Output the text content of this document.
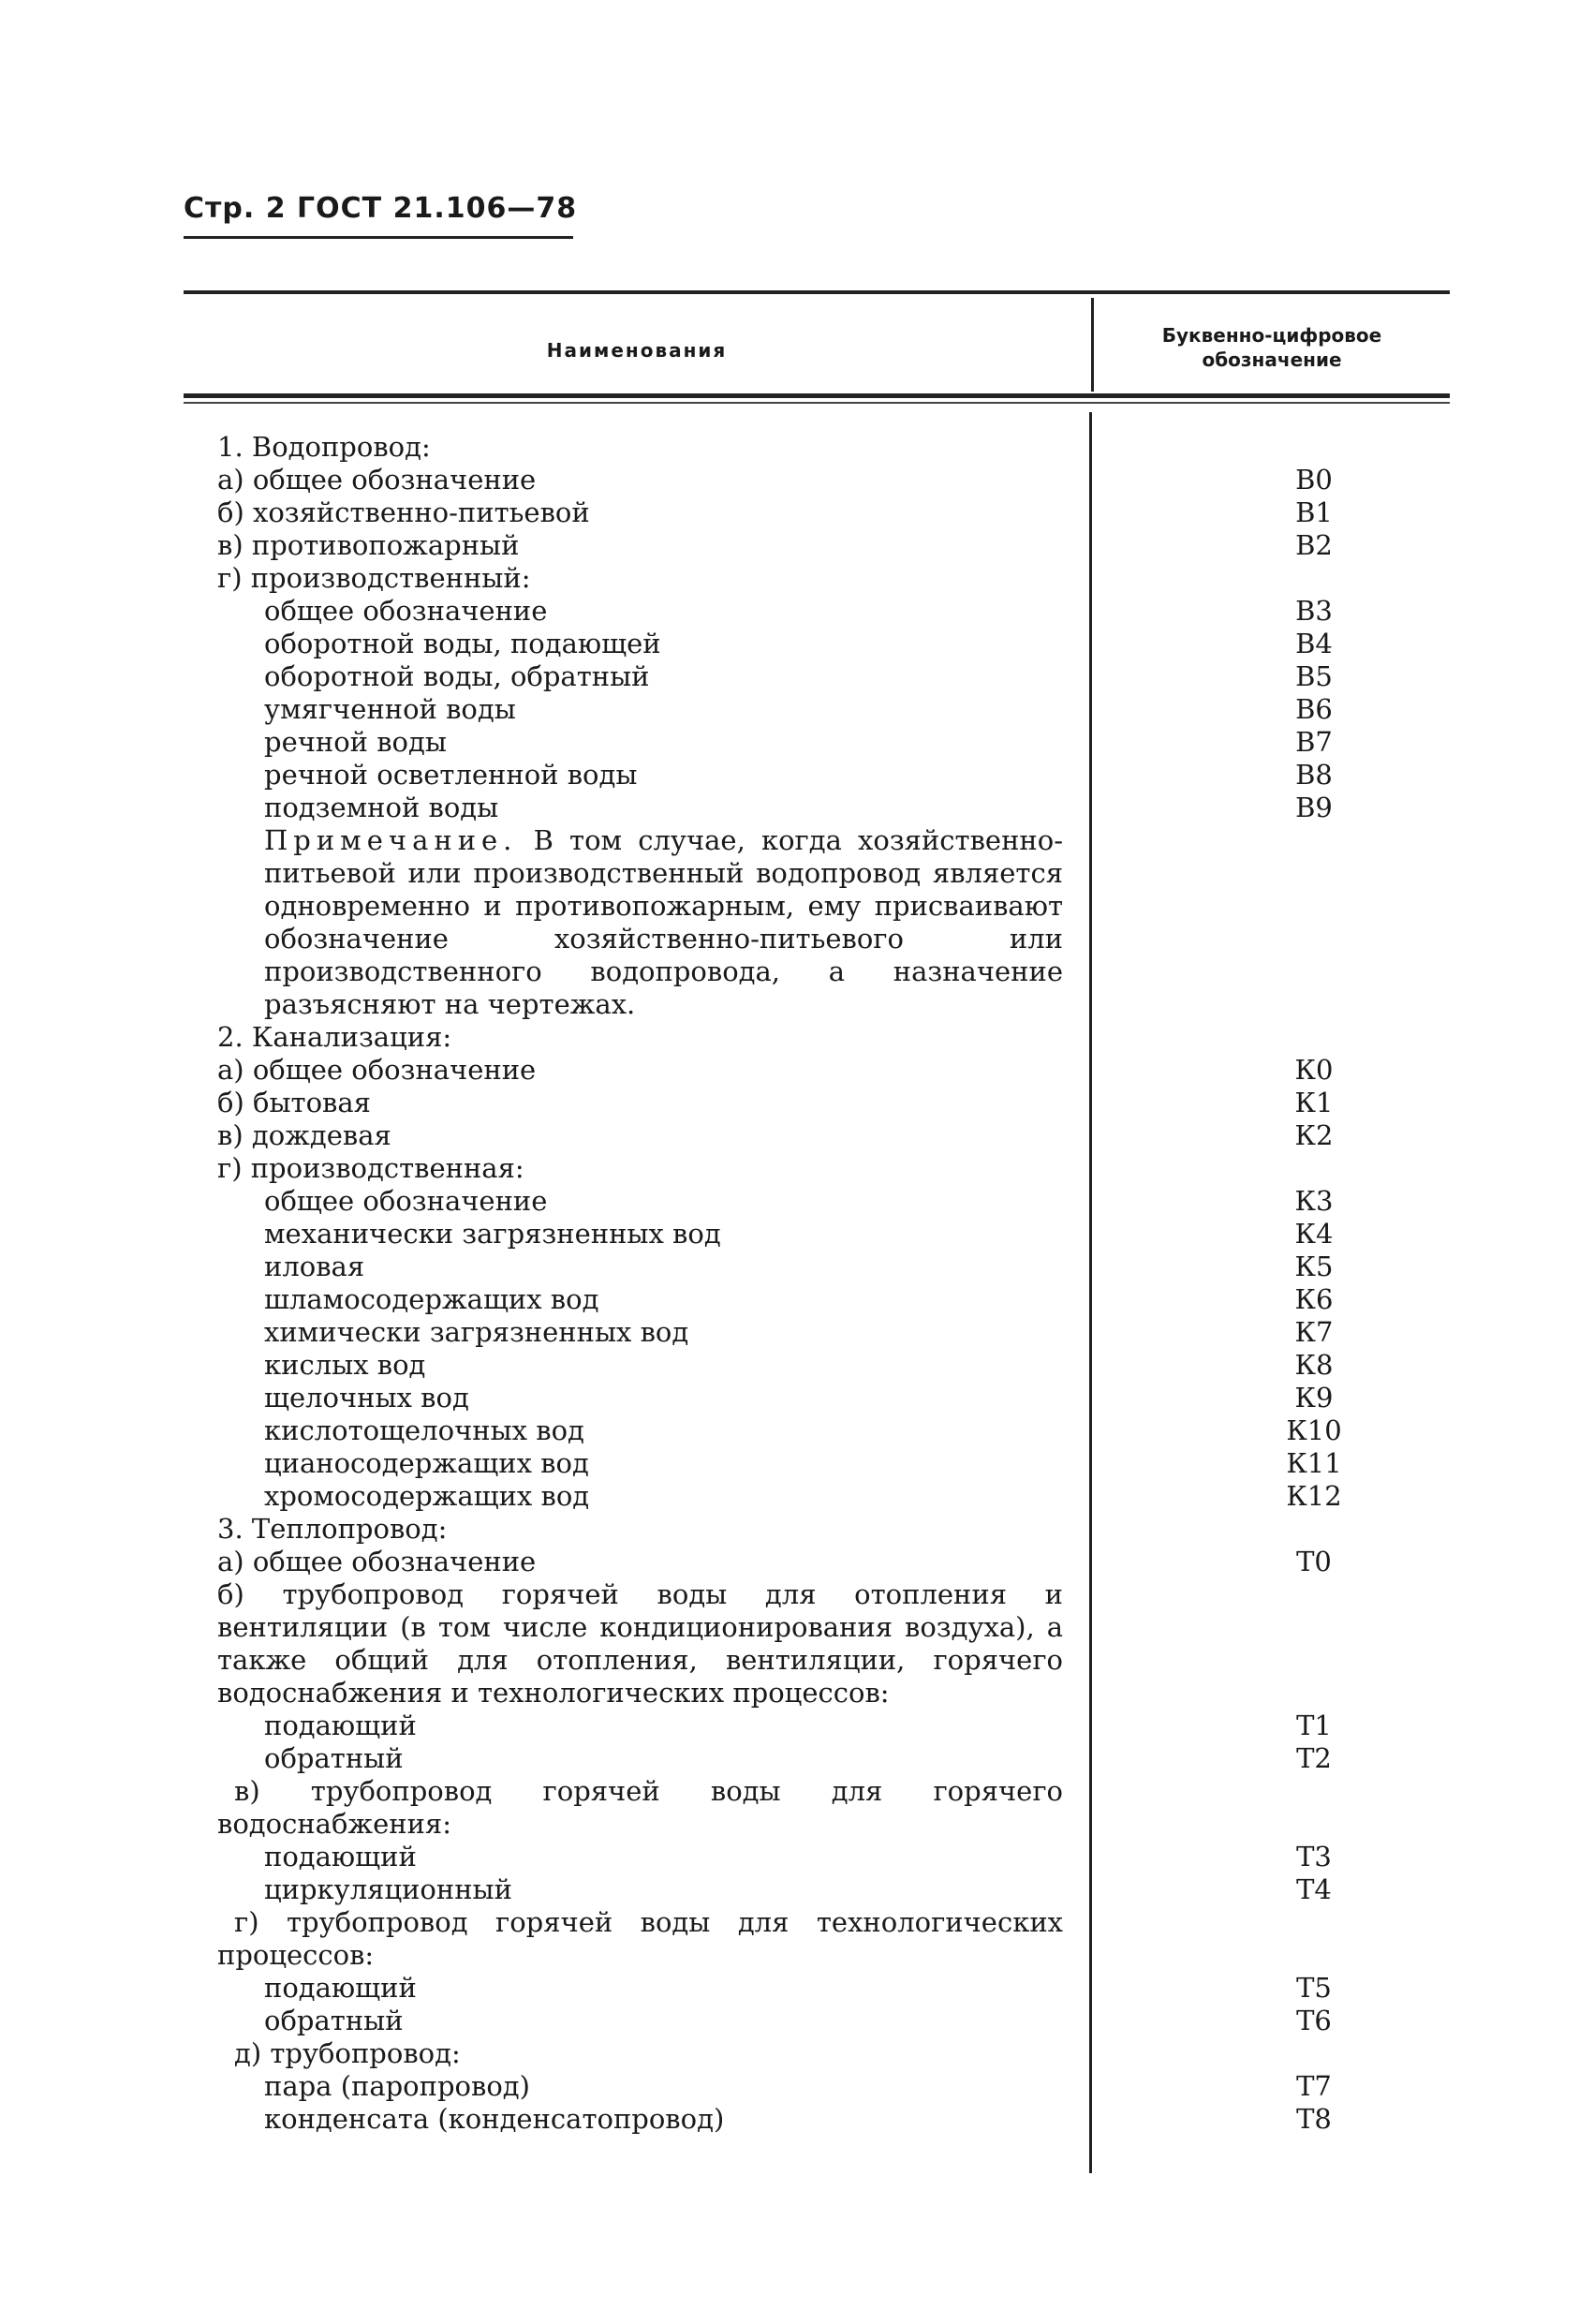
Стр. 2 ГОСТ 21.106—78
Наименования
Буквенно-цифровое
обозначение
1. Водопровод:
а) общее обозначение	В0
б) хозяйственно-питьевой	В1
в) противопожарный	В2
г) производственный:
общее обозначение	В3
оборотной воды, подающей	В4
оборотной воды, обратный	В5
умягченной воды	В6
речной воды	В7
речной осветленной воды	В8
подземной воды	В9
Примечание. В том случае, когда хозяйственно-питьевой или производственный водопровод является одновременно и противопожарным, ему присваивают обозначение хозяйственно-питьевого или производственного водопровода, а назначение разъясняют на чертежах.
2. Канализация:
а) общее обозначение	К0
б) бытовая	К1
в) дождевая	К2
г) производственная:
общее обозначение	К3
механически загрязненных вод	К4
иловая	К5
шламосодержащих вод	К6
химически загрязненных вод	К7
кислых вод	К8
щелочных вод	К9
кислотощелочных вод	К10
цианосодержащих вод	К11
хромосодержащих вод	К12
3. Теплопровод:
а) общее обозначение	Т0
б) трубопровод горячей воды для отопления и вентиляции (в том числе кондиционирования воздуха), а также общий для отопления, вентиляции, горячего водоснабжения и технологических процессов:
подающий	Т1
обратный	Т2
в) трубопровод горячей воды для горячего водоснабжения:
подающий	Т3
циркуляционный	Т4
г) трубопровод горячей воды для технологических процессов:
подающий	Т5
обратный	Т6
д) трубопровод:
пара (паропровод)	Т7
конденсата (конденсатопровод)	Т8
